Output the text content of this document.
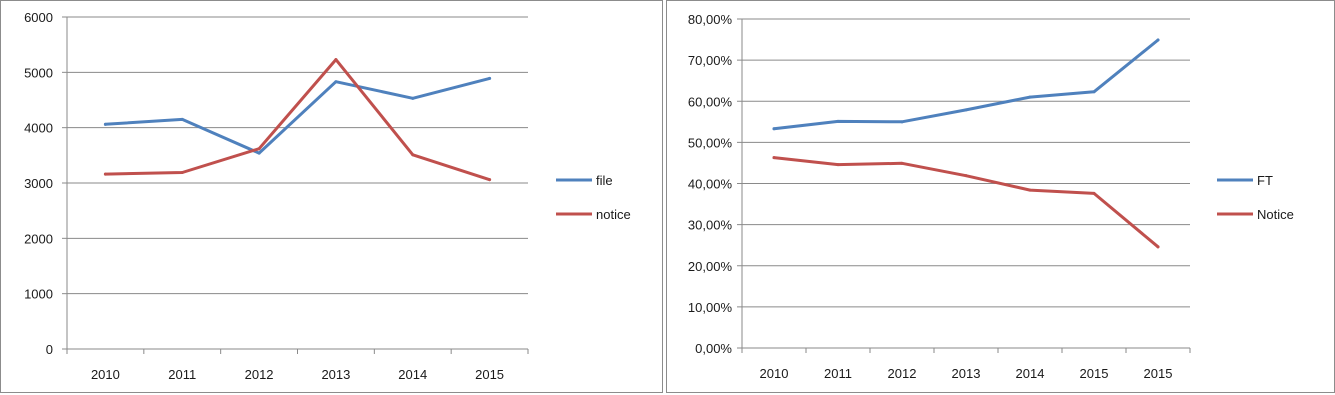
0
1000
2000
3000
4000
5000
6000
2010	2011	2012	2013	2014	2015
file
notice
0,00%
10,00%
20,00%
30,00%
40,00%
50,00%
60,00%
70,00%
80,00%
2010	2011	2012	2013	2014	2015	2015
FT
Notice
